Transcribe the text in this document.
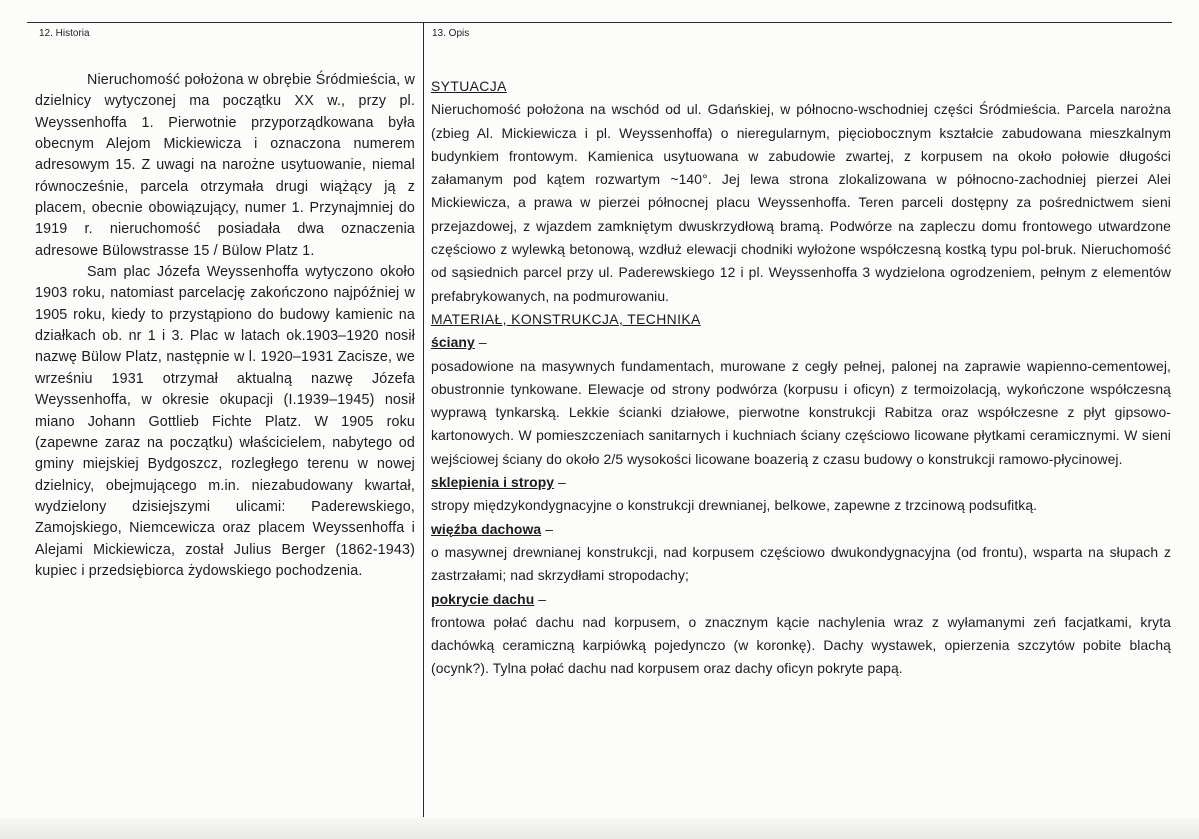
12. Historia	13. Opis

Nieruchomość położona w obrębie Śródmieścia, w dzielnicy wytyczonej ma początku XX w., przy pl. Weyssenhoffa 1. Pierwotnie przyporządkowana była obecnym Alejom Mickiewicza i oznaczona numerem adresowym 15. Z uwagi na narożne usytuowanie, niemal równocześnie, parcela otrzymała drugi wiążący ją z placem, obecnie obowiązujący, numer 1. Przynajmniej do 1919 r. nieruchomość posiadała dwa oznaczenia adresowe Bülowstrasse 15 / Bülow Platz 1.

Sam plac Józefa Weyssenhoffa wytyczono około 1903 roku, natomiast parcelację zakończono najpóźniej w 1905 roku, kiedy to przystąpiono do budowy kamienic na działkach ob. nr 1 i 3. Plac w latach ok.1903–1920 nosił nazwę Bülow Platz, następnie w l. 1920–1931 Zacisze, we wrześniu 1931 otrzymał aktualną nazwę Józefa Weyssenhoffa, w okresie okupacji (I.1939–1945) nosił miano Johann Gottlieb Fichte Platz. W 1905 roku (zapewne zaraz na początku) właścicielem, nabytego od gminy miejskiej Bydgoszcz, rozległego terenu w nowej dzielnicy, obejmującego m.in. niezabudowany kwartał, wydzielony dzisiejszymi ulicami: Paderewskiego, Zamojskiego, Niemcewicza oraz placem Weyssenhoffa i Alejami Mickiewicza, został Julius Berger (1862-1943) kupiec i przedsiębiorca żydowskiego pochodzenia.

SYTUACJA

Nieruchomość położona na wschód od ul. Gdańskiej, w północno-wschodniej części Śródmieścia. Parcela narożna (zbieg Al. Mickiewicza i pl. Weyssenhoffa) o nieregularnym, pięciobocznym kształcie zabudowana mieszkalnym budynkiem frontowym. Kamienica usytuowana w zabudowie zwartej, z korpusem na około połowie długości załamanym pod kątem rozwartym ~140°. Jej lewa strona zlokalizowana w północno-zachodniej pierzei Alei Mickiewicza, a prawa w pierzei północnej placu Weyssenhoffa. Teren parceli dostępny za pośrednictwem sieni przejazdowej, z wjazdem zamkniętym dwuskrzydłową bramą. Podwórze na zapleczu domu frontowego utwardzone częściowo z wylewką betonową, wzdłuż elewacji chodniki wyłożone współczesną kostką typu pol-bruk. Nieruchomość od sąsiednich parcel przy ul. Paderewskiego 12 i pl. Weyssenhoffa 3 wydzielona ogrodzeniem, pełnym z elementów prefabrykowanych, na podmurowaniu.

MATERIAŁ, KONSTRUKCJA, TECHNIKA

ściany –

posadowione na masywnych fundamentach, murowane z cegły pełnej, palonej na zaprawie wapienno-cementowej, obustronnie tynkowane. Elewacje od strony podwórza (korpusu i oficyn) z termoizolacją, wykończone współczesną wyprawą tynkarską. Lekkie ścianki działowe, pierwotne konstrukcji Rabitza oraz współczesne z płyt gipsowo-kartonowych. W pomieszczeniach sanitarnych i kuchniach ściany częściowo licowane płytkami ceramicznymi. W sieni wejściowej ściany do około 2/5 wysokości licowane boazerią z czasu budowy o konstrukcji ramowo-płycinowej.

sklepienia i stropy –

stropy międzykondygnacyjne o konstrukcji drewnianej, belkowe, zapewne z trzcinową podsufitką.

więźba dachowa –

o masywnej drewnianej konstrukcji, nad korpusem częściowo dwukondygnacyjna (od frontu), wsparta na słupach z zastrzałami; nad skrzydłami stropodachy;

pokrycie dachu –

frontowa połać dachu nad korpusem, o znacznym kącie nachylenia wraz z wyłamanymi zeń facjatkami, kryta dachówką ceramiczną karpiówką pojedynczo (w koronkę). Dachy wystawek, opierzenia szczytów pobite blachą (ocynk?). Tylna połać dachu nad korpusem oraz dachy oficyn pokryte papą.
